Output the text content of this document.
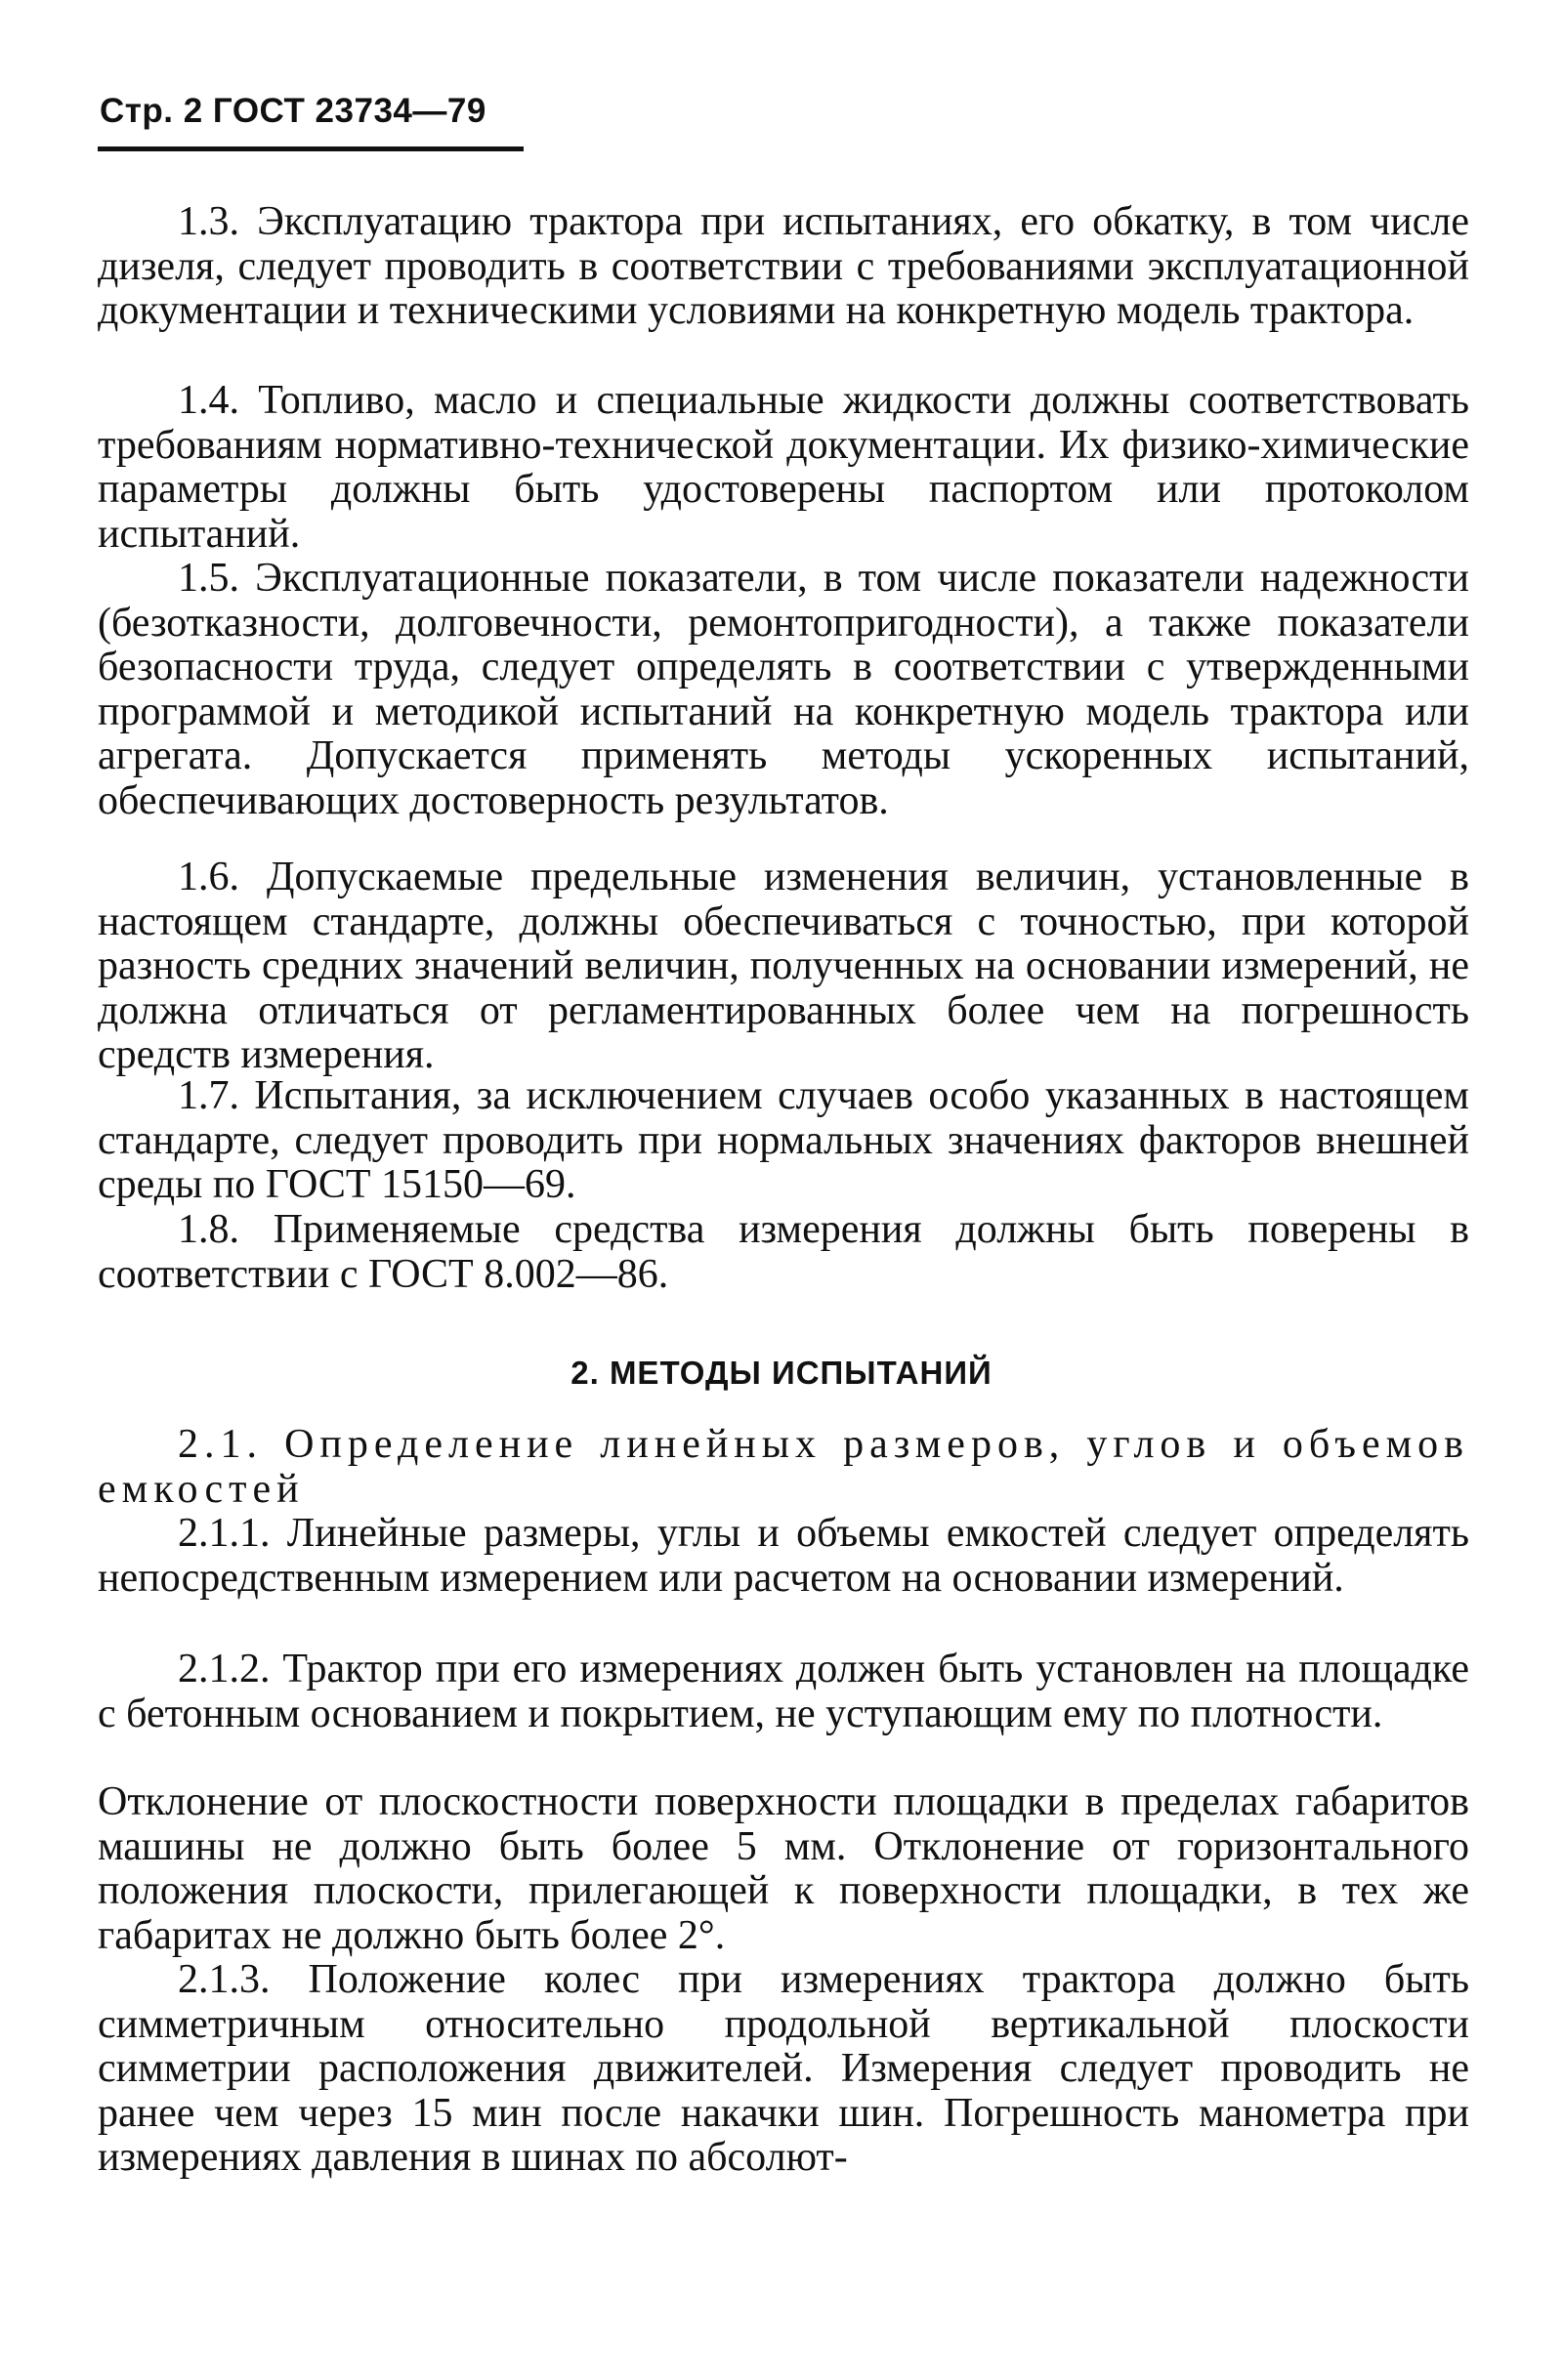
Стр. 2 ГОСТ 23734—79

1.3. Эксплуатацию трактора при испытаниях, его обкатку, в том числе дизеля, следует проводить в соответствии с требованиями эксплуатационной документации и техническими условиями на конкретную модель трактора.

1.4. Топливо, масло и специальные жидкости должны соответствовать требованиям нормативно-технической документации. Их физико-химические параметры должны быть удостоверены паспортом или протоколом испытаний.

1.5. Эксплуатационные показатели, в том числе показатели надежности (безотказности, долговечности, ремонтопригодности), а также показатели безопасности труда, следует определять в соответствии с утвержденными программой и методикой испытаний на конкретную модель трактора или агрегата. Допускается применять методы ускоренных испытаний, обеспечивающих достоверность результатов.

1.6. Допускаемые предельные изменения величин, установленные в настоящем стандарте, должны обеспечиваться с точностью, при которой разность средних значений величин, полученных на основании измерений, не должна отличаться от регламентированных более чем на погрешность средств измерения.

1.7. Испытания, за исключением случаев особо указанных в настоящем стандарте, следует проводить при нормальных значениях факторов внешней среды по ГОСТ 15150—69.

1.8. Применяемые средства измерения должны быть поверены в соответствии с ГОСТ 8.002—86.

2. МЕТОДЫ ИСПЫТАНИЙ

2.1. Определение линейных размеров, углов и объемов емкостей

2.1.1. Линейные размеры, углы и объемы емкостей следует определять непосредственным измерением или расчетом на основании измерений.

2.1.2. Трактор при его измерениях должен быть установлен на площадке с бетонным основанием и покрытием, не уступающим ему по плотности.

Отклонение от плоскостности поверхности площадки в пределах габаритов машины не должно быть более 5 мм. Отклонение от горизонтального положения плоскости, прилегающей к поверхности площадки, в тех же габаритах не должно быть более 2°.

2.1.3. Положение колес при измерениях трактора должно быть симметричным относительно продольной вертикальной плоскости симметрии расположения движителей. Измерения следует проводить не ранее чем через 15 мин после накачки шин. Погрешность манометра при измерениях давления в шинах по абсолют-
